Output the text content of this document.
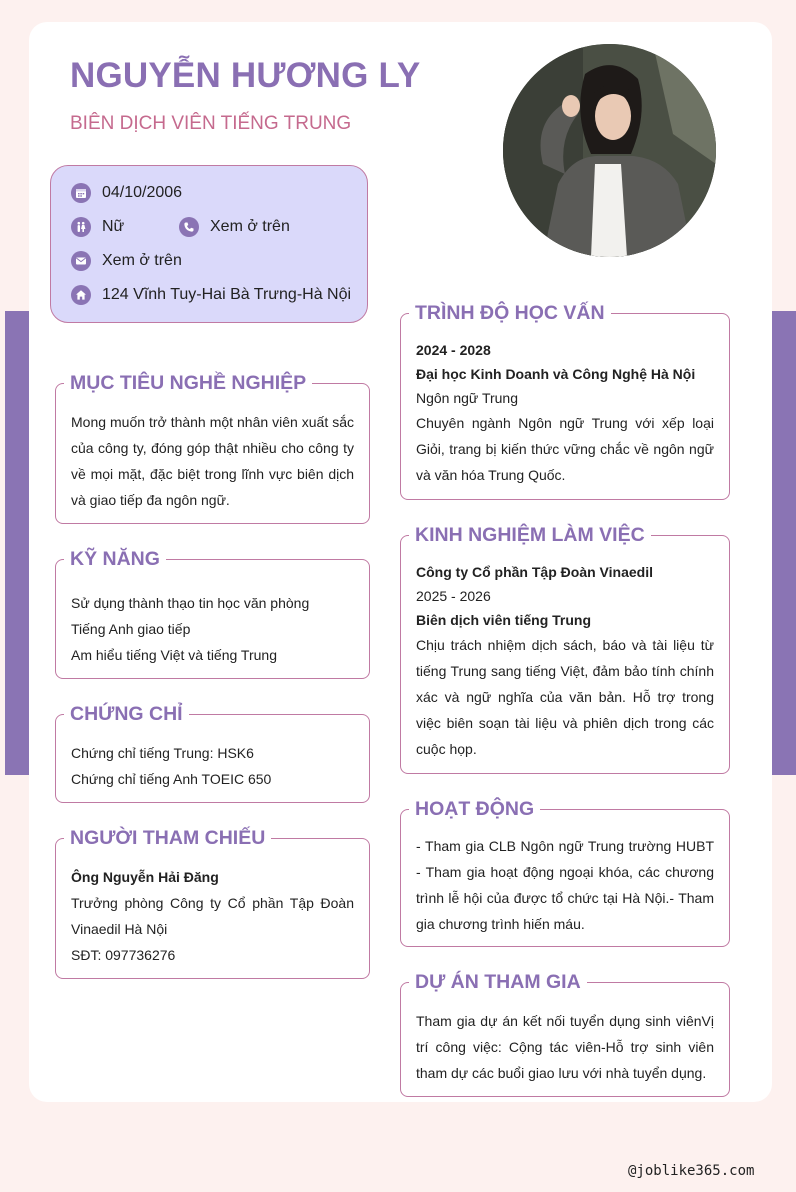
NGUYỄN HƯƠNG LY
BIÊN DỊCH VIÊN TIẾNG TRUNG
04/10/2006
Nữ	Xem ở trên
Xem ở trên
124 Vĩnh Tuy-Hai Bà Trưng-Hà Nội
MỤC TIÊU NGHỀ NGHIỆP
Mong muốn trở thành một nhân viên xuất sắc của công ty, đóng góp thật nhiều cho công ty về mọi mặt, đặc biệt trong lĩnh vực biên dịch và giao tiếp đa ngôn ngữ.
KỸ NĂNG

Sử dụng thành thạo tin học văn phòng

Tiếng Anh giao tiếp

Am hiểu tiếng Việt và tiếng Trung

CHỨNG CHỈ

Chứng chỉ tiếng Trung: HSK6

Chứng chỉ tiếng Anh TOEIC 650

NGƯỜI THAM CHIẾU

Ông Nguyễn Hải Đăng

Trưởng phòng Công ty Cổ phần Tập Đoàn Vinaedil Hà Nội

SĐT: 097736276

TRÌNH ĐỘ HỌC VẤN

2024 - 2028

Đại học Kinh Doanh và Công Nghệ Hà Nội

Ngôn ngữ Trung

Chuyên ngành Ngôn ngữ Trung với xếp loại Giỏi, trang bị kiến thức vững chắc về ngôn ngữ và văn hóa Trung Quốc.

KINH NGHIỆM LÀM VIỆC

Công ty Cổ phần Tập Đoàn Vinaedil

2025 - 2026

Biên dịch viên tiếng Trung

Chịu trách nhiệm dịch sách, báo và tài liệu từ tiếng Trung sang tiếng Việt, đảm bảo tính chính xác và ngữ nghĩa của văn bản. Hỗ trợ trong việc biên soạn tài liệu và phiên dịch trong các cuộc họp.

HOẠT ĐỘNG
- Tham gia CLB Ngôn ngữ Trung trường HUBT - Tham gia hoạt động ngoại khóa, các chương trình lễ hội của được tổ chức tại Hà Nội.- Tham gia chương trình hiến máu.
DỰ ÁN THAM GIA
Tham gia dự án kết nối tuyển dụng sinh viênVị trí công việc: Cộng tác viên-Hỗ trợ sinh viên tham dự các buổi giao lưu với nhà tuyển dụng.
@joblike365.com
